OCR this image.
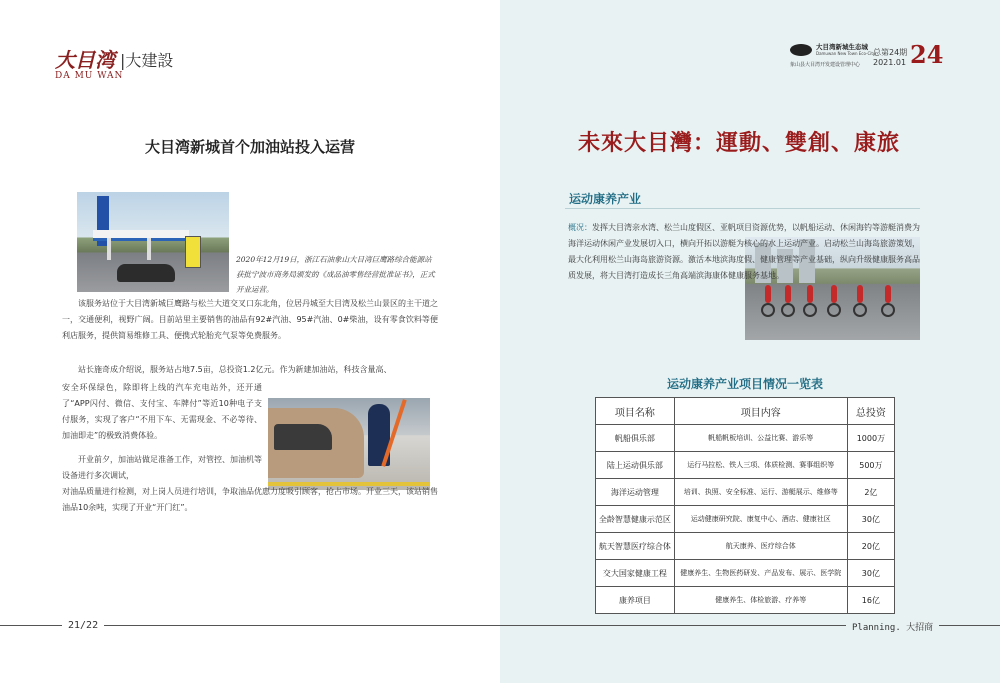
大目湾
DA MU WAN
|大建設
大目湾新城首个加油站投入运营
2020年12月19日，浙江石油象山大目湾巨鹰路综合能源站获批宁波市商务局颁发的《成品油零售经营批准证书》，正式开业运营。

该服务站位于大目湾新城巨鹰路与松兰大道交叉口东北角，位居丹城至大目湾及松兰山景区的主干道之一，交通便利，视野广阔。目前站里主要销售的油品有92#汽油、95#汽油、0#柴油，设有零食饮料等便利店服务，提供简易维修工具、便携式轮胎充气泵等免费服务。

站长施奇成介绍说，服务站占地7.5亩，总投资1.2亿元。作为新建加油站，科技含量高、

安全环保绿色，除即将上线的汽车充电站外，还开通了“APP闪付、微信、支付宝、车牌付”等近10种电子支付服务，实现了客户“不用下车、无需现金、不必等待、加油即走”的极致消费体验。

开业前夕，加油站做足准备工作，对管控、加油机等设备进行多次调试，

对油品质量进行检测，对上岗人员进行培训，争取油品优惠力度吸引顾客，抢占市场。开业三天，该站销售油品10余吨，实现了开业“开门红”。

21/22	Planning. 大招商
大目湾新城生态城
Damuwan New Town Eco-City
象山县大目湾开发建设管理中心
总第24期
2021.01 24
未來大目灣：運動、雙創、康旅
运动康养产业

概况：发挥大目湾亲水湾、松兰山度假区、亚帆项目资源优势，以帆船运动、休闲海钓等游艇消费为海洋运动休闲产业发展切入口，横向开拓以游艇为核心的水上运动产业。启动松兰山海岛旅游策划，最大化利用松兰山海岛旅游资源。激活本地滨海度假、健康管理等产业基础，纵向升级健康服务高品质发展，将大目湾打造成长三角高端滨海康体健康服务基地。

运动康养产业项目情况一览表
项目名称	项目内容	总投资
帆船俱乐部	帆船帆板培训、公益比赛、游乐等	1000万
陆上运动俱乐部	运行马拉松、铁人三项、体质检测、赛事组织等	500万
海洋运动管理	培训、执照、安全标准、运行、游艇展示、维修等	2亿
全龄智慧健康示范区	运动健康研究院、康复中心、酒店、健康社区	30亿
航天智慧医疗综合体	航天康养、医疗综合体	20亿
交大国家健康工程	健康养生、生物医药研发、产品发布、展示、医学院	30亿
康养项目	健康养生、体检旅游、疗养等	16亿
